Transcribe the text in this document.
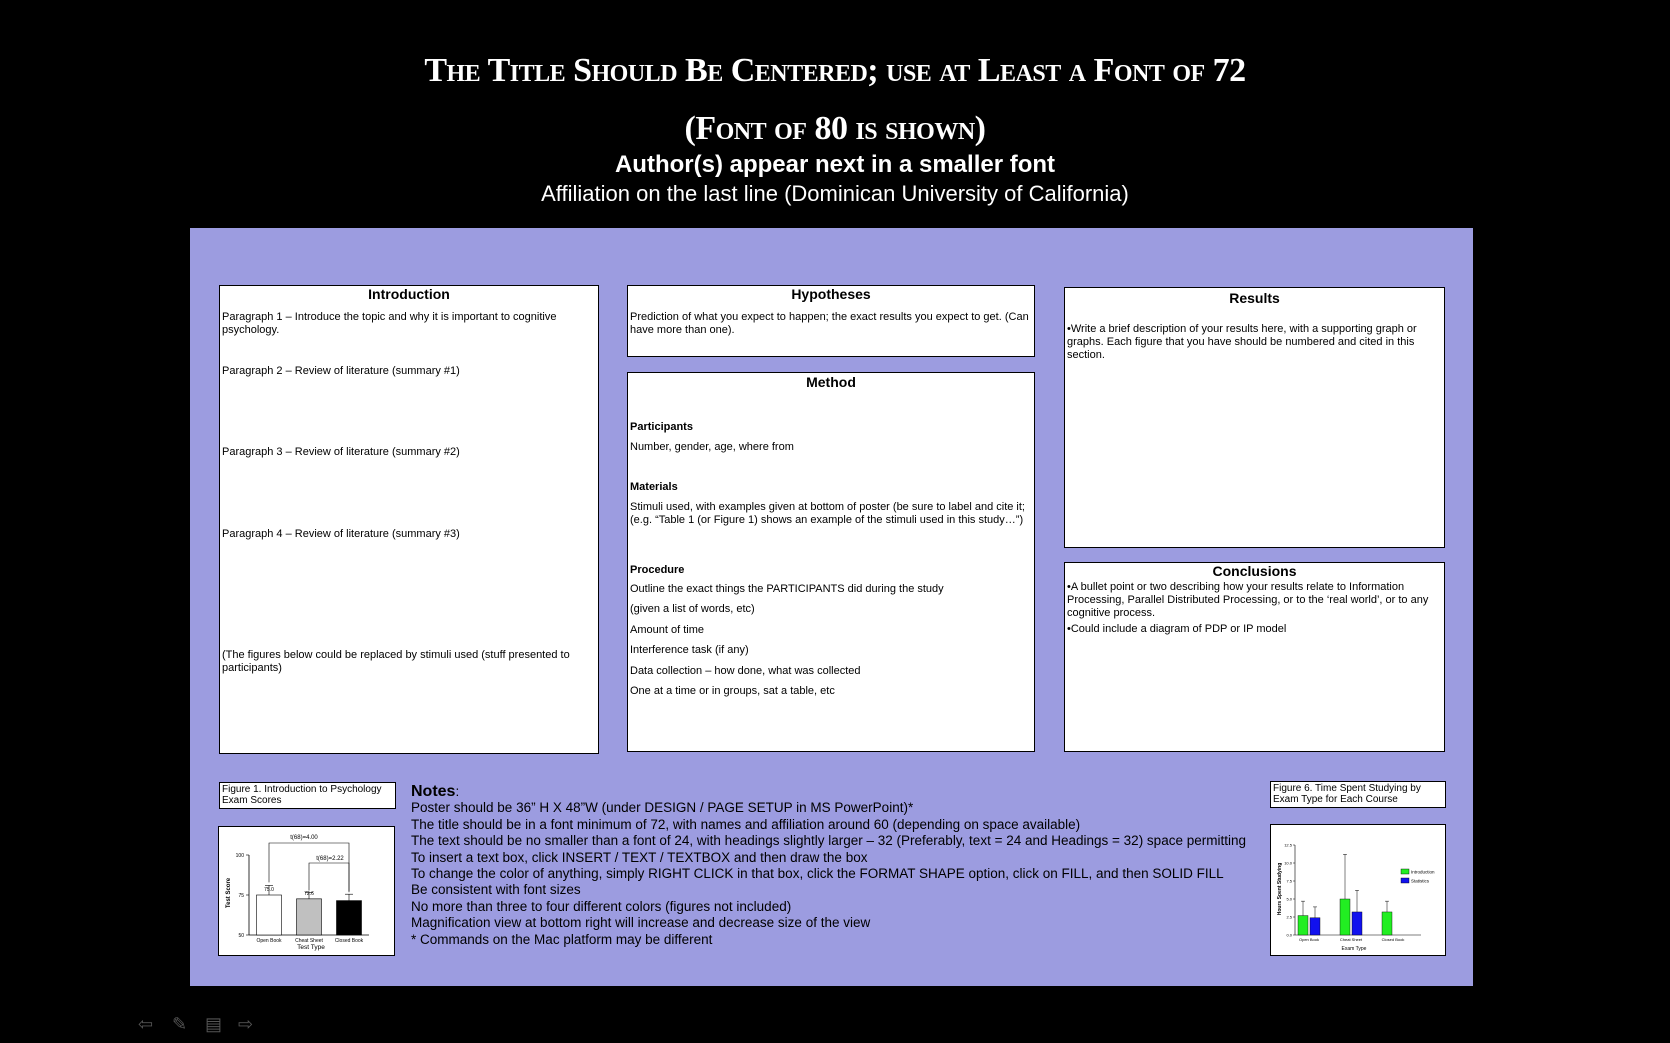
The Title Should Be Centered; use at Least a Font of 72
(Font of 80 is shown)
Author(s) appear next in a smaller font
Affiliation on the last line (Dominican University of California)
Introduction
Paragraph 1 – Introduce the topic and why it is important to cognitive psychology.
Paragraph 2 – Review of literature (summary #1)
Paragraph 3 – Review of literature (summary #2)
Paragraph 4 – Review of literature (summary #3)
(The figures below could be replaced by stimuli used (stuff presented to participants)
Hypotheses
Prediction of what you expect to happen; the exact results you expect to get. (Can have more than one).
Method
Participants
Number, gender, age, where from
Materials
Stimuli used, with examples given at bottom of poster (be sure to label and cite it; (e.g. “Table 1 (or Figure 1) shows an example of the stimuli used in this study…”)
Procedure
Outline the exact things the PARTICIPANTS did during the study
(given a list of words, etc)
Amount of time
Interference task (if any)
Data collection – how done, what was collected
One at a time or in groups, sat a table, etc
Results
•Write a brief description of your results here, with a supporting graph or graphs. Each figure that you have should be numbered and cited in this section.
Conclusions
•A bullet point or two describing how your results relate to Information Processing, Parallel Distributed Processing, or to the ‘real world’, or to any cognitive process.
•Could include a diagram of PDP or IP model
Figure 1. Introduction to Psychology Exam Scores
t(68)=4.00
t(68)=2.22
Test Score
Test Type
50
75
100
75.0
Open Book
72.6
Cheat Sheet Closed Book
Notes:
Poster should be 36” H X 48”W (under DESIGN / PAGE SETUP in MS PowerPoint)*
The title should be in a font minimum of 72, with names and affiliation around 60 (depending on space available)
The text should be no smaller than a font of 24, with headings slightly larger – 32 (Preferably, text = 24 and Headings = 32) space permitting
To insert a text box, click INSERT / TEXT / TEXTBOX and then draw the box
To change the color of anything, simply RIGHT CLICK in that box, click the FORMAT SHAPE option, click on FILL, and then SOLID FILL
Be consistent with font sizes
No more than three to four different colors (figures not included)
Magnification view at bottom right will increase and decrease size of the view
* Commands on the Mac platform may be different
Figure 6. Time Spent Studying by Exam Type for Each Course
Hours Spent Studying
Exam Type
0.0
2.5
5.0
7.5
10.0
12.5
Open Book	Cheat Sheet	Closed Book
Introduction
Statistics
⇦ ✎ ▤ ⇨
